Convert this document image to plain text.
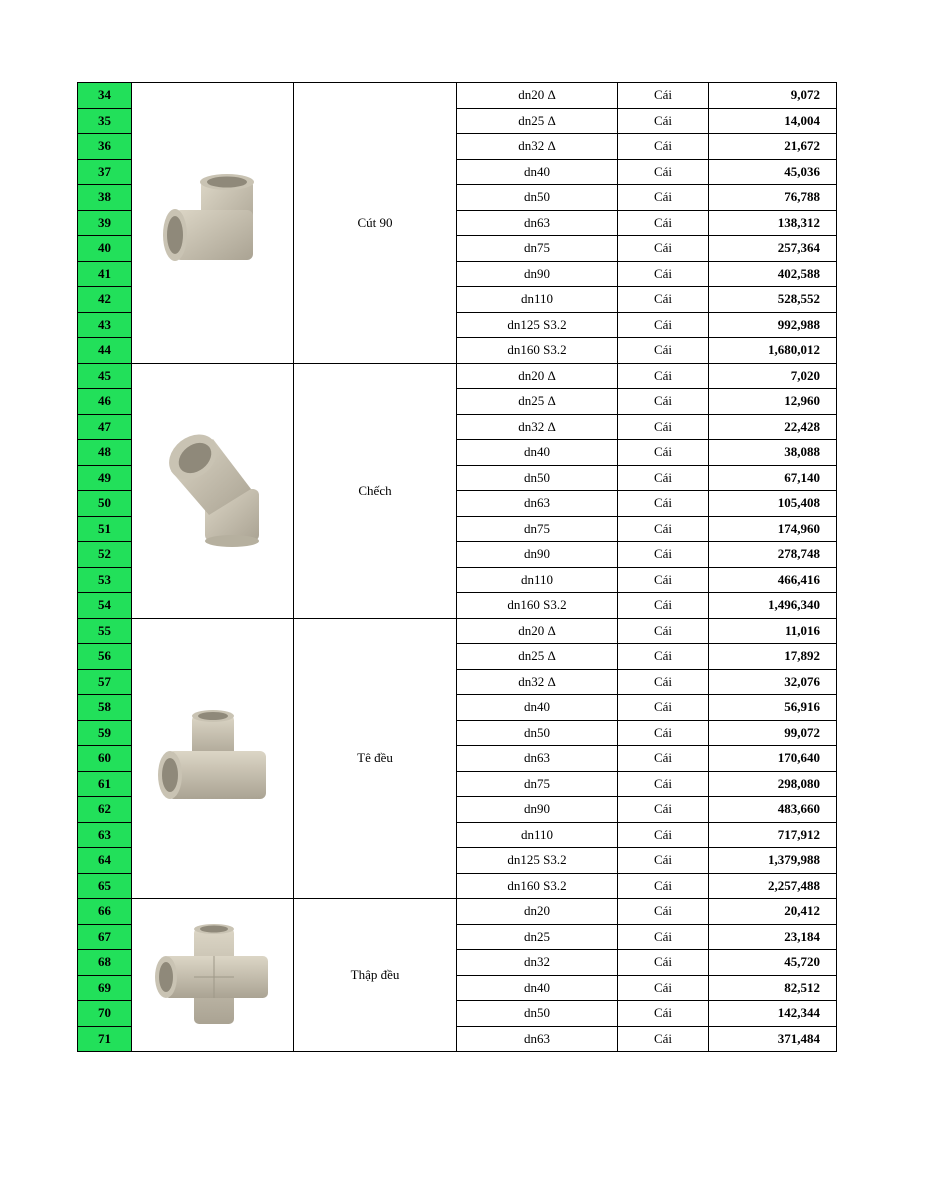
34		Cút 90	dn20 Δ	Cái	9,072
35			dn25 Δ	Cái	14,004
36			dn32 Δ	Cái	21,672
37			dn40	Cái	45,036
38			dn50	Cái	76,788
39			dn63	Cái	138,312
40			dn75	Cái	257,364
41			dn90	Cái	402,588
42			dn110	Cái	528,552
43			dn125 S3.2	Cái	992,988
44			dn160 S3.2	Cái	1,680,012
45		Chếch	dn20 Δ	Cái	7,020
46			dn25 Δ	Cái	12,960
47			dn32 Δ	Cái	22,428
48			dn40	Cái	38,088
49			dn50	Cái	67,140
50			dn63	Cái	105,408
51			dn75	Cái	174,960
52			dn90	Cái	278,748
53			dn110	Cái	466,416
54			dn160 S3.2	Cái	1,496,340
55		Tê đều	dn20 Δ	Cái	11,016
56			dn25 Δ	Cái	17,892
57			dn32 Δ	Cái	32,076
58			dn40	Cái	56,916
59			dn50	Cái	99,072
60			dn63	Cái	170,640
61			dn75	Cái	298,080
62			dn90	Cái	483,660
63			dn110	Cái	717,912
64			dn125 S3.2	Cái	1,379,988
65			dn160 S3.2	Cái	2,257,488
66		Thập đều	dn20	Cái	20,412
67			dn25	Cái	23,184
68			dn32	Cái	45,720
69			dn40	Cái	82,512
70			dn50	Cái	142,344
71			dn63	Cái	371,484
